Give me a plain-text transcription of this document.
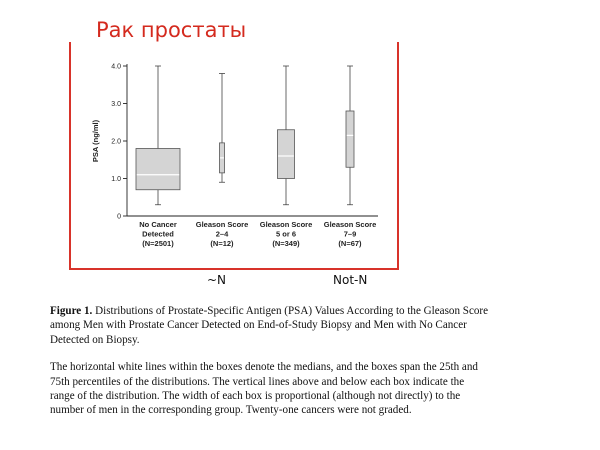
Рак простаты
0
1.0
2.0
3.0
4.0
PSA (ng/ml)
No Cancer
Detected
(N=2501)
Gleason Score
2–4
(N=12)
Gleason Score
5 or 6
(N=349)
Gleason Score
7–9
(N=67)
~N	Not-N

Figure 1. Distributions of Prostate-Specific Antigen (PSA) Values According to the Gleason Score among Men with Prostate Cancer Detected on End-of-Study Biopsy and Men with No Cancer Detected on Biopsy.

The horizontal white lines within the boxes denote the medians, and the boxes span the 25th and 75th percentiles of the distributions. The vertical lines above and below each box indicate the range of the distribution. The width of each box is proportional (although not directly) to the number of men in the corresponding group. Twenty-one cancers were not graded.
